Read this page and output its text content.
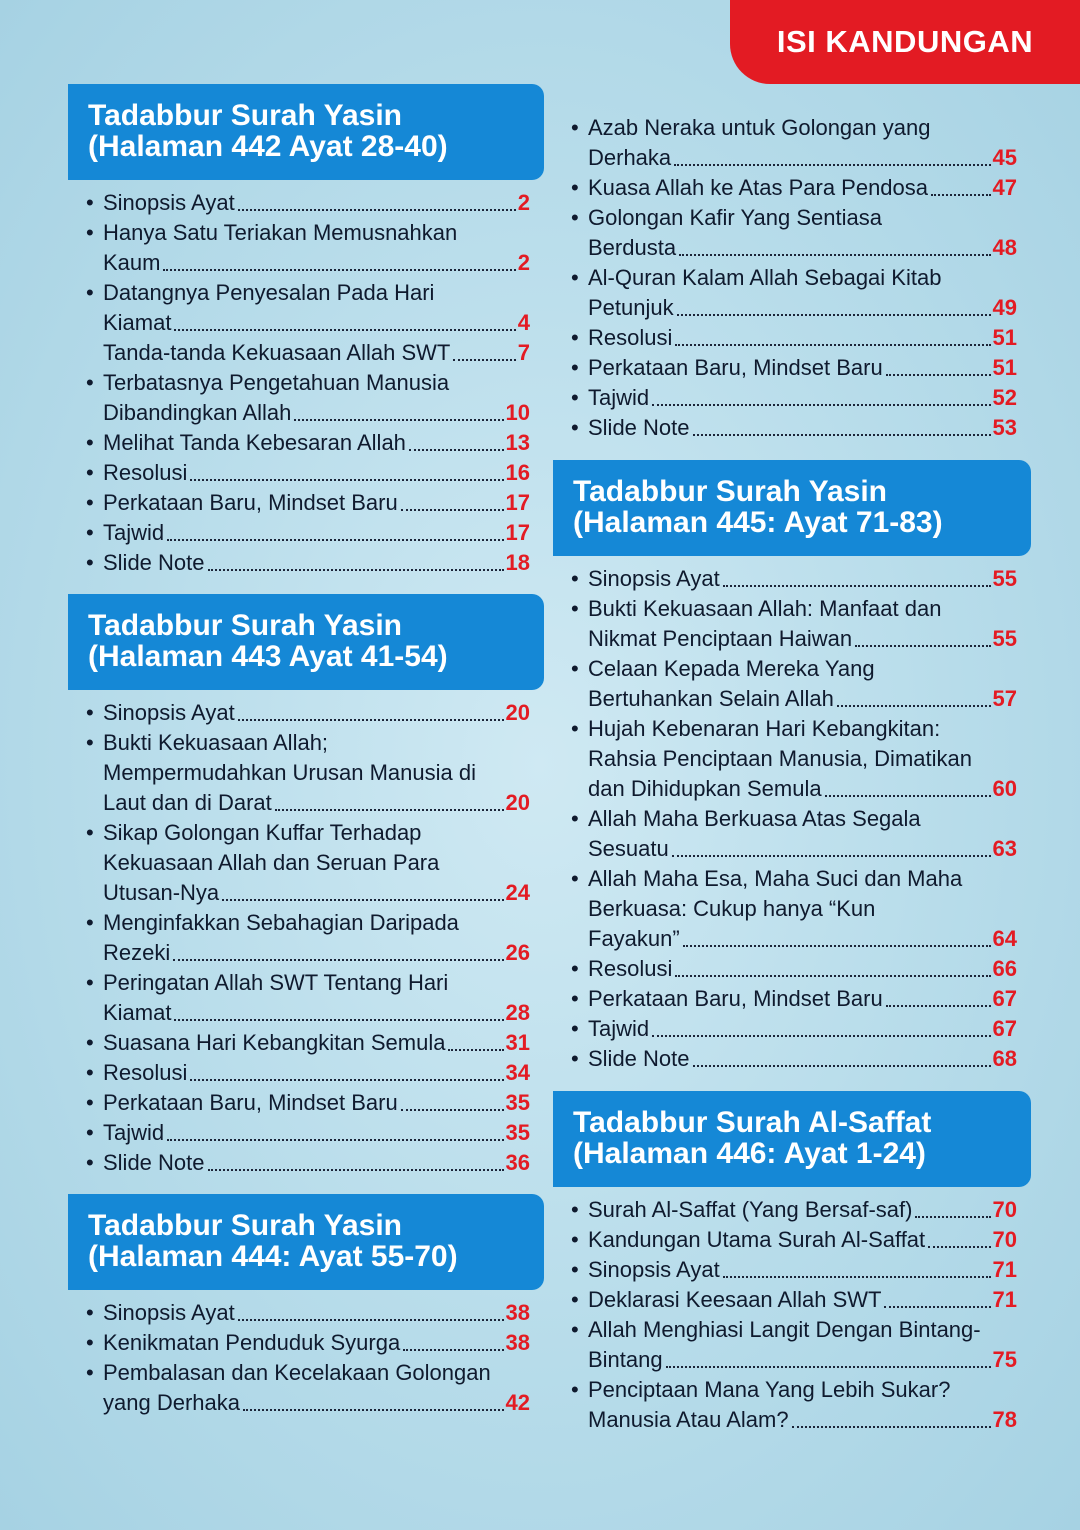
ISI KANDUNGAN
Tadabbur Surah Yasin
(Halaman 442 Ayat 28-40)
• Sinopsis Ayat	2
• Hanya Satu Teriakan Memusnahkan
Kaum	2
• Datangnya Penyesalan Pada Hari
Kiamat	4
Tanda-tanda Kekuasaan Allah SWT	7
• Terbatasnya Pengetahuan Manusia
Dibandingkan Allah	10
• Melihat Tanda Kebesaran Allah	13
• Resolusi	16
• Perkataan Baru, Mindset Baru	17
• Tajwid	17
• Slide Note	18
Tadabbur Surah Yasin
(Halaman 443 Ayat 41-54)
• Sinopsis Ayat	20
• Bukti Kekuasaan Allah;
Mempermudahkan Urusan Manusia di
Laut dan di Darat	20
• Sikap Golongan Kuffar Terhadap
Kekuasaan Allah dan Seruan Para
Utusan-Nya	24
• Menginfakkan Sebahagian Daripada
Rezeki	26
• Peringatan Allah SWT Tentang Hari
Kiamat	28
• Suasana Hari Kebangkitan Semula	31
• Resolusi	34
• Perkataan Baru, Mindset Baru	35
• Tajwid	35
• Slide Note	36
Tadabbur Surah Yasin
(Halaman 444: Ayat 55-70)
• Sinopsis Ayat	38
• Kenikmatan Penduduk Syurga	38
• Pembalasan dan Kecelakaan Golongan
yang Derhaka	42
• Azab Neraka untuk Golongan yang
Derhaka	45
• Kuasa Allah ke Atas Para Pendosa	47
• Golongan Kafir Yang Sentiasa
Berdusta	48
• Al-Quran Kalam Allah Sebagai Kitab
Petunjuk	49
• Resolusi	51
• Perkataan Baru, Mindset Baru	51
• Tajwid	52
• Slide Note	53
Tadabbur Surah Yasin
(Halaman 445: Ayat 71-83)
• Sinopsis Ayat	55
• Bukti Kekuasaan Allah: Manfaat dan
Nikmat Penciptaan Haiwan	55
• Celaan Kepada Mereka Yang
Bertuhankan Selain Allah	57
• Hujah Kebenaran Hari Kebangkitan:
Rahsia Penciptaan Manusia, Dimatikan
dan Dihidupkan Semula	60
• Allah Maha Berkuasa Atas Segala
Sesuatu	63
• Allah Maha Esa, Maha Suci dan Maha
Berkuasa: Cukup hanya “Kun
Fayakun”	64
• Resolusi	66
• Perkataan Baru, Mindset Baru	67
• Tajwid	67
• Slide Note	68
Tadabbur Surah Al-Saffat
(Halaman 446: Ayat 1-24)
• Surah Al-Saffat (Yang Bersaf-saf)	70
• Kandungan Utama Surah Al-Saffat	70
• Sinopsis Ayat	71
• Deklarasi Keesaan Allah SWT	71
• Allah Menghiasi Langit Dengan Bintang-
Bintang	75
• Penciptaan Mana Yang Lebih Sukar?
Manusia Atau Alam?	78
